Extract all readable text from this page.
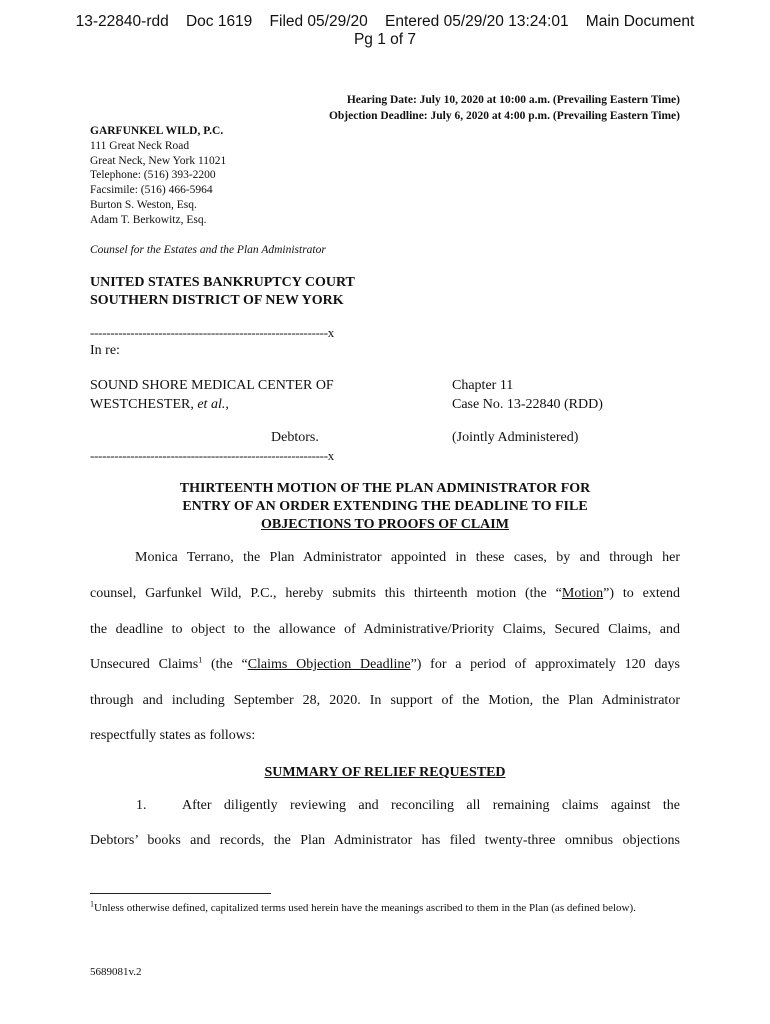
13-22840-rdd    Doc 1619    Filed 05/29/20    Entered 05/29/20 13:24:01    Main Document
Pg 1 of 7
Hearing Date: July 10, 2020 at 10:00 a.m. (Prevailing Eastern Time)
Objection Deadline: July 6, 2020 at 4:00 p.m. (Prevailing Eastern Time)
GARFUNKEL WILD, P.C.
111 Great Neck Road
Great Neck, New York 11021
Telephone: (516) 393-2200
Facsimile: (516) 466-5964
Burton S. Weston, Esq.
Adam T. Berkowitz, Esq.
Counsel for the Estates and the Plan Administrator
UNITED STATES BANKRUPTCY COURT
SOUTHERN DISTRICT OF NEW YORK
-----------------------------------------------------------x
In re:
SOUND SHORE MEDICAL CENTER OF
WESTCHESTER, et al.,
Debtors.
Chapter 11
Case No. 13-22840 (RDD)
(Jointly Administered)
-----------------------------------------------------------x
THIRTEENTH MOTION OF THE PLAN ADMINISTRATOR FOR
ENTRY OF AN ORDER EXTENDING THE DEADLINE TO FILE
OBJECTIONS TO PROOFS OF CLAIM
Monica Terrano, the Plan Administrator appointed in these cases, by and through her
counsel, Garfunkel Wild, P.C., hereby submits this thirteenth motion (the “Motion”) to extend
the deadline to object to the allowance of Administrative/Priority Claims, Secured Claims, and
Unsecured Claims$^1$ (the “Claims Objection Deadline”) for a period of approximately 120 days
through and including September 28, 2020. In support of the Motion, the Plan Administrator
respectfully states as follows:
SUMMARY OF RELIEF REQUESTED
1.	After diligently reviewing and reconciling all remaining claims against the
Debtors’ books and records, the Plan Administrator has filed twenty-three omnibus objections
$^1$Unless otherwise defined, capitalized terms used herein have the meanings ascribed to them in the Plan (as defined below).
5689081v.2
